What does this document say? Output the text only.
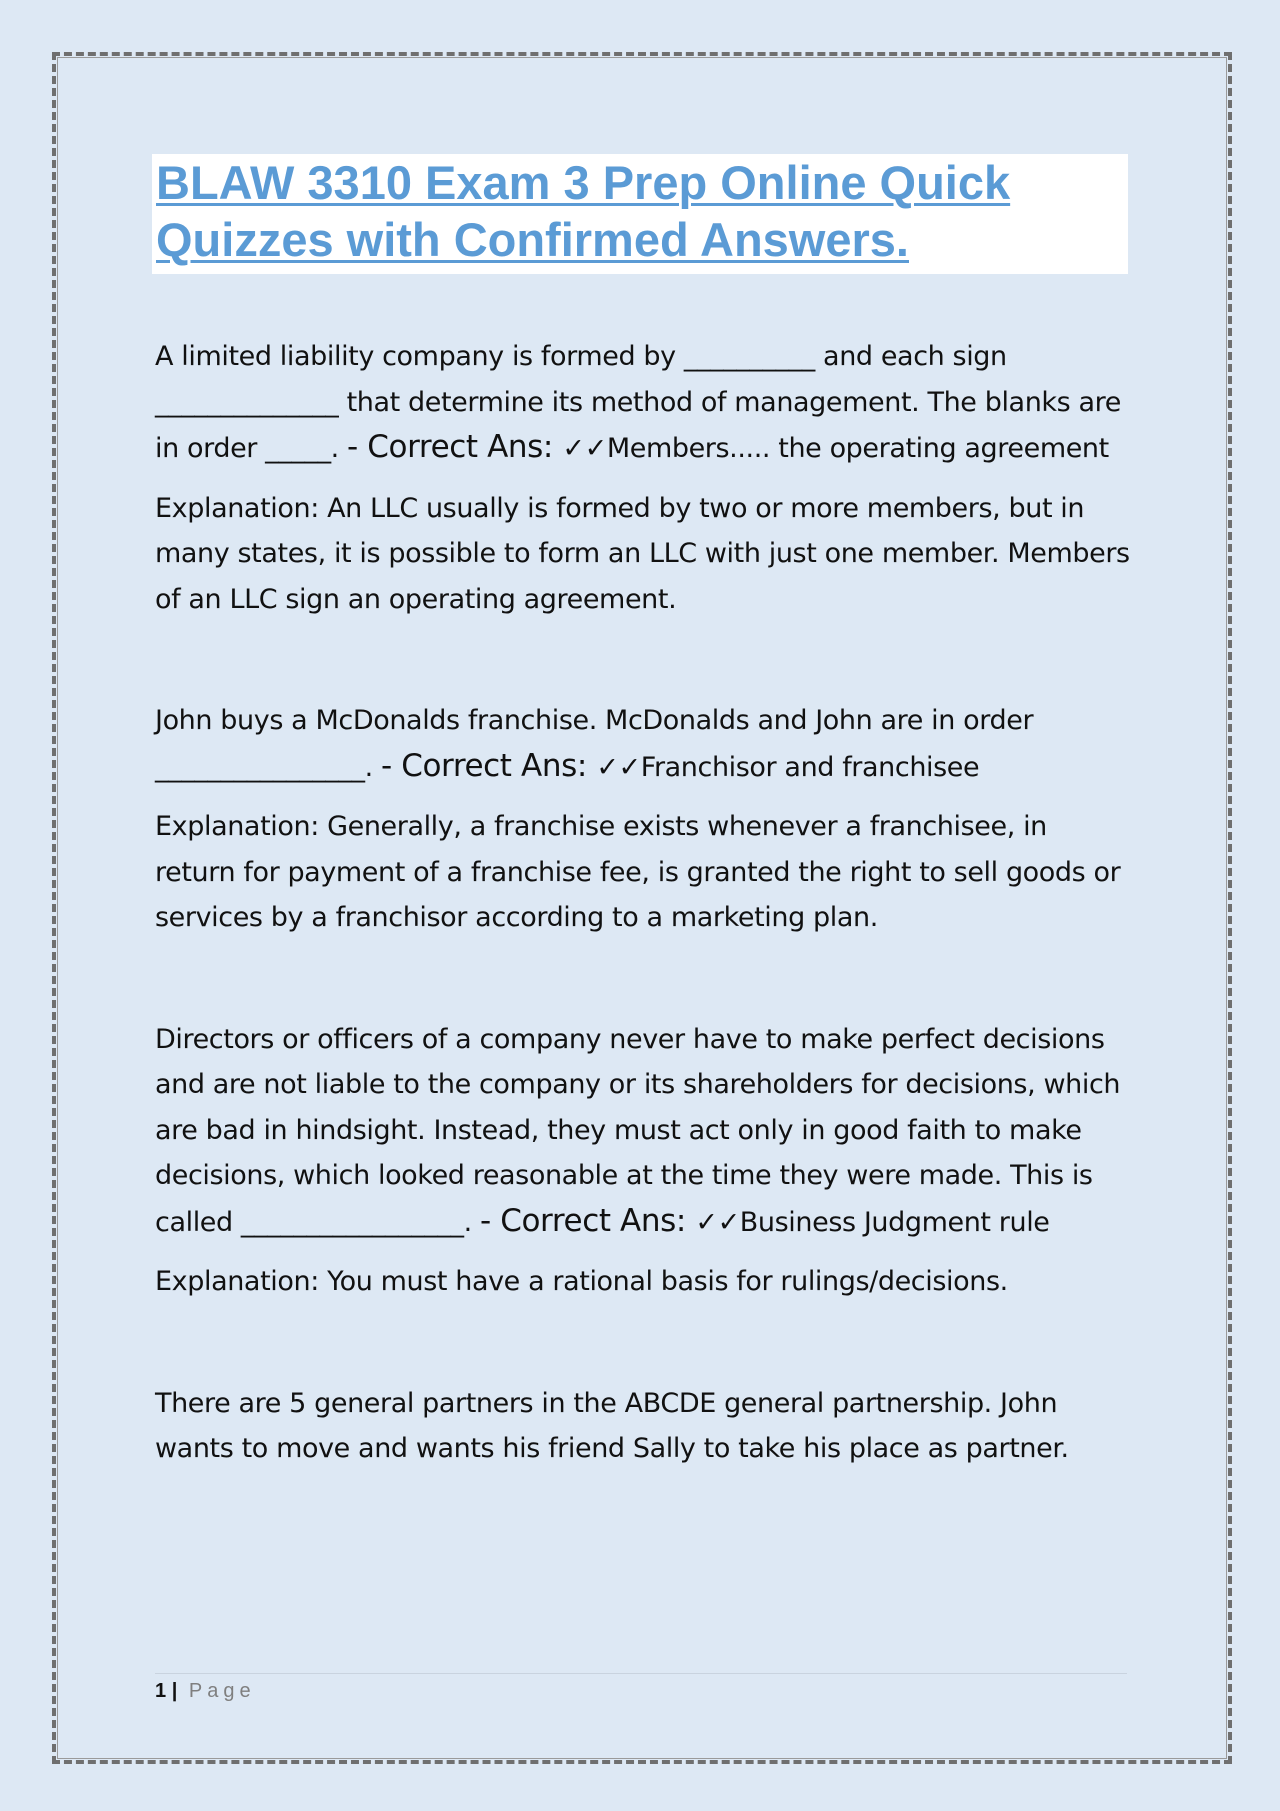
BLAW 3310 Exam 3 Prep Online Quick Quizzes with Confirmed Answers.

A limited liability company is formed by __________ and each sign ______________ that determine its method of management. The blanks are in order _____. - Correct Ans: ✓✓Members..... the operating agreement

Explanation: An LLC usually is formed by two or more members, but in many states, it is possible to form an LLC with just one member. Members of an LLC sign an operating agreement.

John buys a McDonalds franchise. McDonalds and John are in order ________________. - Correct Ans: ✓✓Franchisor and franchisee

Explanation: Generally, a franchise exists whenever a franchisee, in return for payment of a franchise fee, is granted the right to sell goods or services by a franchisor according to a marketing plan.

Directors or officers of a company never have to make perfect decisions and are not liable to the company or its shareholders for decisions, which are bad in hindsight. Instead, they must act only in good faith to make decisions, which looked reasonable at the time they were made. This is called _________________. - Correct Ans: ✓✓Business Judgment rule

Explanation: You must have a rational basis for rulings/decisions.

There are 5 general partners in the ABCDE general partnership. John wants to move and wants his friend Sally to take his place as partner.

1 | Page
